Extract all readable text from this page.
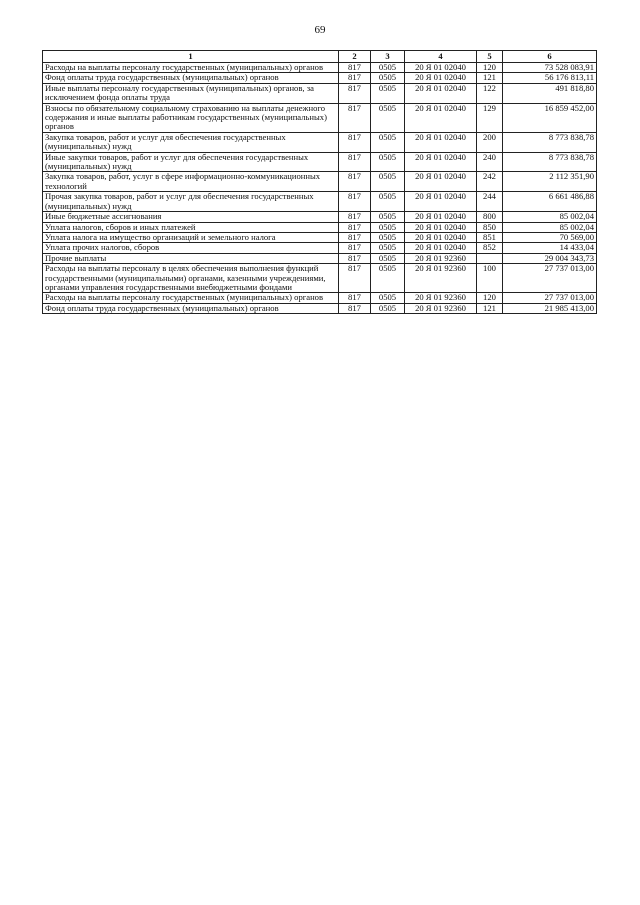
69
1	2	3	4	5	6
Расходы на выплаты персоналу государственных (муниципальных) органов	817	0505	20 Я 01 02040	120	73 528 083,91
Фонд оплаты труда государственных (муниципальных) органов	817	0505	20 Я 01 02040	121	56 176 813,11
Иные выплаты персоналу государственных (муниципальных) органов, за исключением фонда оплаты труда	817	0505	20 Я 01 02040	122	491 818,80
Взносы по обязательному социальному страхованию на выплаты денежного содержания и иные выплаты работникам государственных (муниципальных) органов	817	0505	20 Я 01 02040	129	16 859 452,00
Закупка товаров, работ и услуг для обеспечения государственных (муниципальных) нужд	817	0505	20 Я 01 02040	200	8 773 838,78
Иные закупки товаров, работ и услуг для обеспечения государственных (муниципальных) нужд	817	0505	20 Я 01 02040	240	8 773 838,78
Закупка товаров, работ, услуг в сфере информационно-коммуникационных технологий	817	0505	20 Я 01 02040	242	2 112 351,90
Прочая закупка товаров, работ и услуг для обеспечения государственных (муниципальных) нужд	817	0505	20 Я 01 02040	244	6 661 486,88
Иные бюджетные ассигнования	817	0505	20 Я 01 02040	800	85 002,04
Уплата налогов, сборов и иных платежей	817	0505	20 Я 01 02040	850	85 002,04
Уплата налога на имущество организаций и земельного налога	817	0505	20 Я 01 02040	851	70 569,00
Уплата прочих налогов, сборов	817	0505	20 Я 01 02040	852	14 433,04
Прочие выплаты	817	0505	20 Я 01 92360		29 004 343,73
Расходы на выплаты персоналу в целях обеспечения выполнения функций государственными (муниципальными) органами, казенными учреждениями, органами управления государственными внебюджетными фондами	817	0505	20 Я 01 92360	100	27 737 013,00
Расходы на выплаты персоналу государственных (муниципальных) органов	817	0505	20 Я 01 92360	120	27 737 013,00
Фонд оплаты труда государственных (муниципальных) органов	817	0505	20 Я 01 92360	121	21 985 413,00
